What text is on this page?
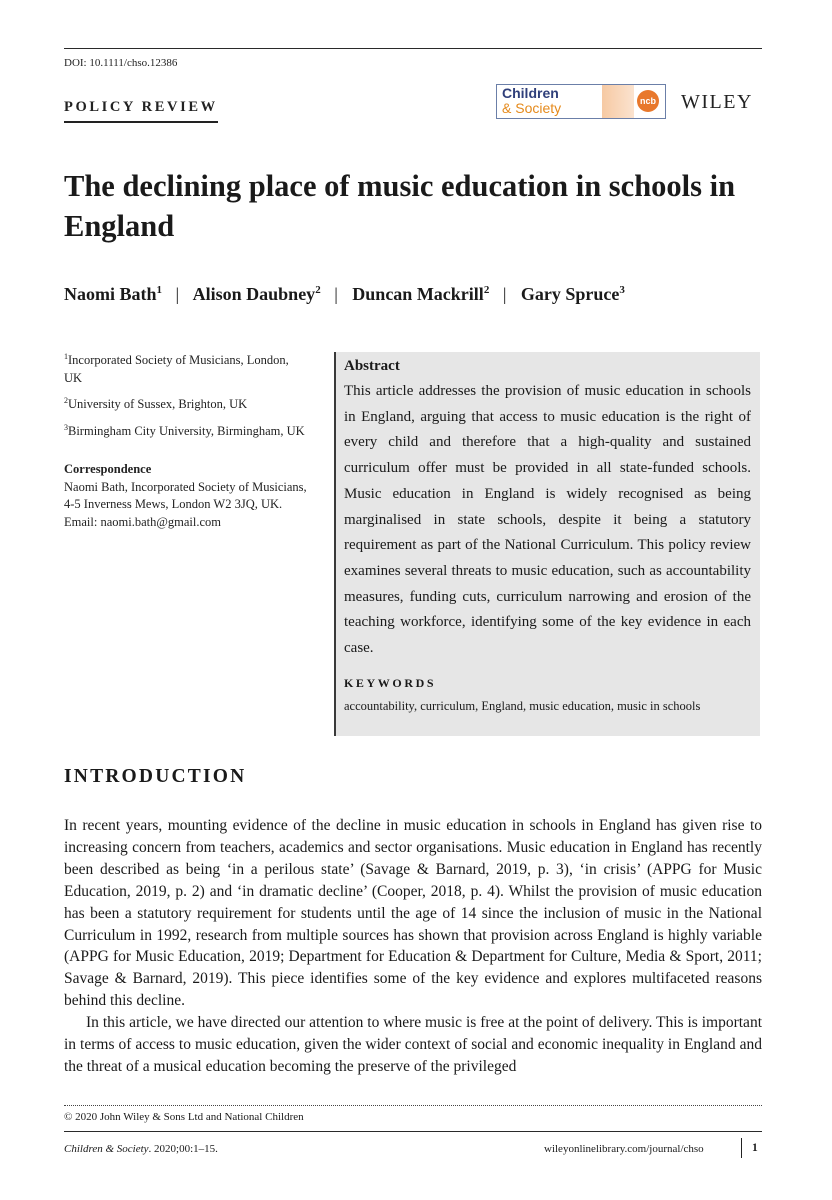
DOI: 10.1111/chso.12386
POLICY REVIEW
Children
& Society	ncb WILEY
The declining place of music education in schools in England
Naomi Bath$^1$ | Alison Daubney$^2$ | Duncan Mackrill$^2$ | Gary Spruce$^3$
$^1$Incorporated Society of Musicians, London, UK
$^2$University of Sussex, Brighton, UK
$^3$Birmingham City University, Birmingham, UK
Correspondence
Naomi Bath, Incorporated Society of Musicians, 4-5 Inverness Mews, London W2 3JQ, UK.
Email: naomi.bath@gmail.com
Abstract

This article addresses the provision of music education in schools in England, arguing that access to music education is the right of every child and therefore that a high-quality and sustained curriculum offer must be provided in all state-funded schools. Music education in England is widely recognised as being marginalised in state schools, despite it being a statutory requirement as part of the National Curriculum. This policy review examines several threats to music education, such as accountability measures, funding cuts, curriculum narrowing and erosion of the teaching workforce, identifying some of the key evidence in each case.

KEYWORDS
accountability, curriculum, England, music education, music in schools
INTRODUCTION

In recent years, mounting evidence of the decline in music education in schools in England has given rise to increasing concern from teachers, academics and sector organisations. Music education in England has recently been described as being ‘in a perilous state’ (Savage & Barnard, 2019, p. 3), ‘in crisis’ (APPG for Music Education, 2019, p. 2) and ‘in dramatic decline’ (Cooper, 2018, p. 4). Whilst the provision of music education has been a statutory requirement for students until the age of 14 since the inclusion of music in the National Curriculum in 1992, research from multiple sources has shown that provision across England is highly variable (APPG for Music Education, 2019; Department for Education & Department for Culture, Media & Sport, 2011; Savage & Barnard, 2019). This piece identifies some of the key evidence and explores multifaceted reasons behind this decline.

In this article, we have directed our attention to where music is free at the point of delivery. This is important in terms of access to music education, given the wider context of social and economic inequality in England and the threat of a musical education becoming the preserve of the privileged

© 2020 John Wiley & Sons Ltd and National Children
Children & Society. 2020;00:1–15.	wileyonlinelibrary.com/journal/chso	1
